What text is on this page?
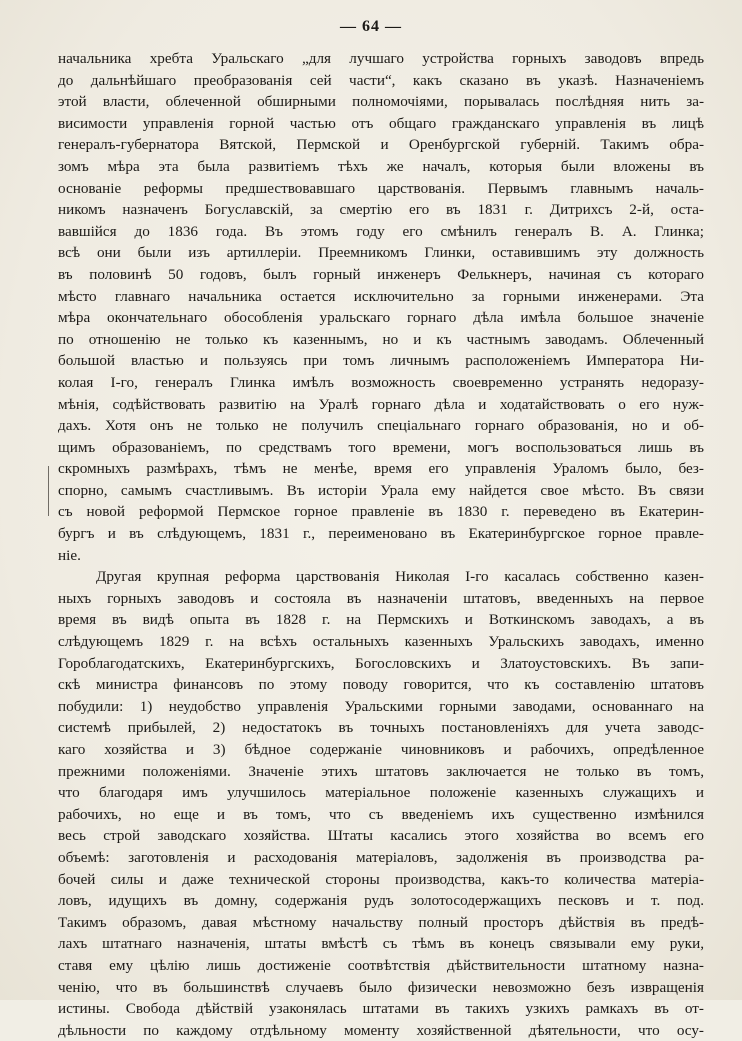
— 64 —
начальника хребта Уральскаго „для лучшаго устройства горныхъ заводовъ впредь
до дальнѣйшаго преобразованія сей части“, какъ сказано въ указѣ. Назначеніемъ
этой власти, облеченной обширными полномочіями, порывалась послѣдняя нить за-
висимости управленія горной частью отъ общаго гражданскаго управленія въ лицѣ
генералъ-губернатора Вятской, Пермской и Оренбургской губерній. Такимъ обра-
зомъ мѣра эта была развитіемъ тѣхъ же началъ, которыя были вложены въ
основаніе реформы предшествовавшаго царствованія. Первымъ главнымъ началь-
никомъ назначенъ Богуславскій, за смертію его въ 1831 г. Дитрихсъ 2-й, оста-
вавшійся до 1836 года. Въ этомъ году его смѣнилъ генералъ В. А. Глинка;
всѣ они были изъ артиллеріи. Преемникомъ Глинки, оставившимъ эту должность
въ половинѣ 50 годовъ, былъ горный инженеръ Фелькнеръ, начиная съ котораго
мѣсто главнаго начальника остается исключительно за горными инженерами. Эта
мѣра окончательнаго обособленія уральскаго горнаго дѣла имѣла большое значеніе
по отношенію не только къ казеннымъ, но и къ частнымъ заводамъ. Облеченный
большой властью и пользуясь при томъ личнымъ расположеніемъ Императора Ни-
колая I-го, генералъ Глинка имѣлъ возможность своевременно устранять недоразу-
мѣнія, содѣйствовать развитію на Уралѣ горнаго дѣла и ходатайствовать о его нуж-
дахъ. Хотя онъ не только не получилъ спеціальнаго горнаго образованія, но и об-
щимъ образованіемъ, по средствамъ того времени, могъ воспользоваться лишь въ
скромныхъ размѣрахъ, тѣмъ не менѣе, время его управленія Ураломъ было, без-
спорно, самымъ счастливымъ. Въ исторіи Урала ему найдется свое мѣсто. Въ связи
съ новой реформой Пермское горное правленіе въ 1830 г. переведено въ Екатерин-
бургъ и въ слѣдующемъ, 1831 г., переименовано въ Екатеринбургское горное правле-
ніе.
Другая крупная реформа царствованія Николая I-го касалась собственно казен-
ныхъ горныхъ заводовъ и состояла въ назначеніи штатовъ, введенныхъ на первое
время въ видѣ опыта въ 1828 г. на Пермскихъ и Воткинскомъ заводахъ, а въ
слѣдующемъ 1829 г. на всѣхъ остальныхъ казенныхъ Уральскихъ заводахъ, именно
Гороблагодатскихъ, Екатеринбургскихъ, Богословскихъ и Златоустовскихъ. Въ запи-
скѣ министра финансовъ по этому поводу говорится, что къ составленію штатовъ
побудили: 1) неудобство управленія Уральскими горными заводами, основаннаго на
системѣ прибылей, 2) недостатокъ въ точныхъ постановленіяхъ для учета заводс-
каго хозяйства и 3) бѣдное содержаніе чиновниковъ и рабочихъ, опредѣленное
прежними положеніями. Значеніе этихъ штатовъ заключается не только въ томъ,
что благодаря имъ улучшилось матеріальное положеніе казенныхъ служащихъ и
рабочихъ, но еще и въ томъ, что съ введеніемъ ихъ существенно измѣнился
весь строй заводскаго хозяйства. Штаты касались этого хозяйства во всемъ его
объемѣ: заготовленія и расходованія матеріаловъ, задолженія въ производства ра-
бочей силы и даже технической стороны производства, какъ-то количества матеріа-
ловъ, идущихъ въ домну, содержанія рудъ золотосодержащихъ песковъ и т. под.
Такимъ образомъ, давая мѣстному начальству полный просторъ дѣйствія въ предѣ-
лахъ штатнаго назначенія, штаты вмѣстѣ съ тѣмъ въ конецъ связывали ему руки,
ставя ему цѣлію лишь достиженіе соотвѣтствія дѣйствительности штатному назна-
ченію, что въ большинствѣ случаевъ было физически невозможно безъ извращенія
истины. Свобода дѣйствій узаконялась штатами въ такихъ узкихъ рамкахъ въ от-
дѣльности по каждому отдѣльному моменту хозяйственной дѣятельности, что осу-
